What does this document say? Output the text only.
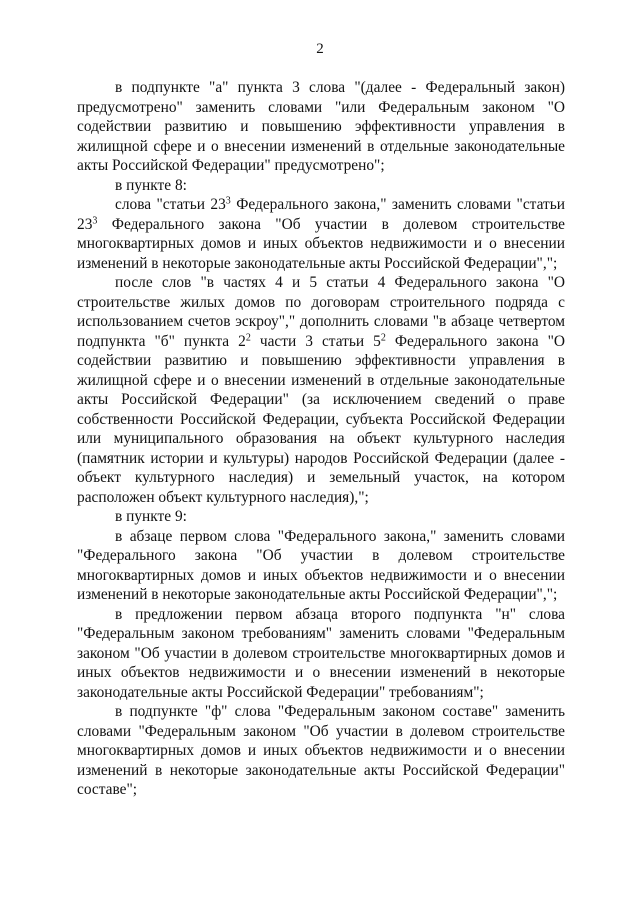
2

в подпункте "а" пункта 3 слова "(далее - Федеральный закон) предусмотрено" заменить словами "или Федеральным законом "О содействии развитию и повышению эффективности управления в жилищной сфере и о внесении изменений в отдельные законодательные акты Российской Федерации" предусмотрено";

в пункте 8:

слова "статьи $23^3$ Федерального закона," заменить словами "статьи $23^3$ Федерального закона "Об участии в долевом строительстве многоквартирных домов и иных объектов недвижимости и о внесении изменений в некоторые законодательные акты Российской Федерации",";

после слов "в частях 4 и 5 статьи 4 Федерального закона "О строительстве жилых домов по договорам строительного подряда с использованием счетов эскроу"," дополнить словами "в абзаце четвертом подпункта "б" пункта $2^2$ части 3 статьи $5^2$ Федерального закона "О содействии развитию и повышению эффективности управления в жилищной сфере и о внесении изменений в отдельные законодательные акты Российской Федерации" (за исключением сведений о праве собственности Российской Федерации, субъекта Российской Федерации или муниципального образования на объект культурного наследия (памятник истории и культуры) народов Российской Федерации (далее - объект культурного наследия) и земельный участок, на котором расположен объект культурного наследия),";

в пункте 9:

в абзаце первом слова "Федерального закона," заменить словами "Федерального закона "Об участии в долевом строительстве многоквартирных домов и иных объектов недвижимости и о внесении изменений в некоторые законодательные акты Российской Федерации",";

в предложении первом абзаца второго подпункта "н" слова "Федеральным законом требованиям" заменить словами "Федеральным законом "Об участии в долевом строительстве многоквартирных домов и иных объектов недвижимости и о внесении изменений в некоторые законодательные акты Российской Федерации" требованиям";

в подпункте "ф" слова "Федеральным законом составе" заменить словами "Федеральным законом "Об участии в долевом строительстве многоквартирных домов и иных объектов недвижимости и о внесении изменений в некоторые законодательные акты Российской Федерации" составе";
